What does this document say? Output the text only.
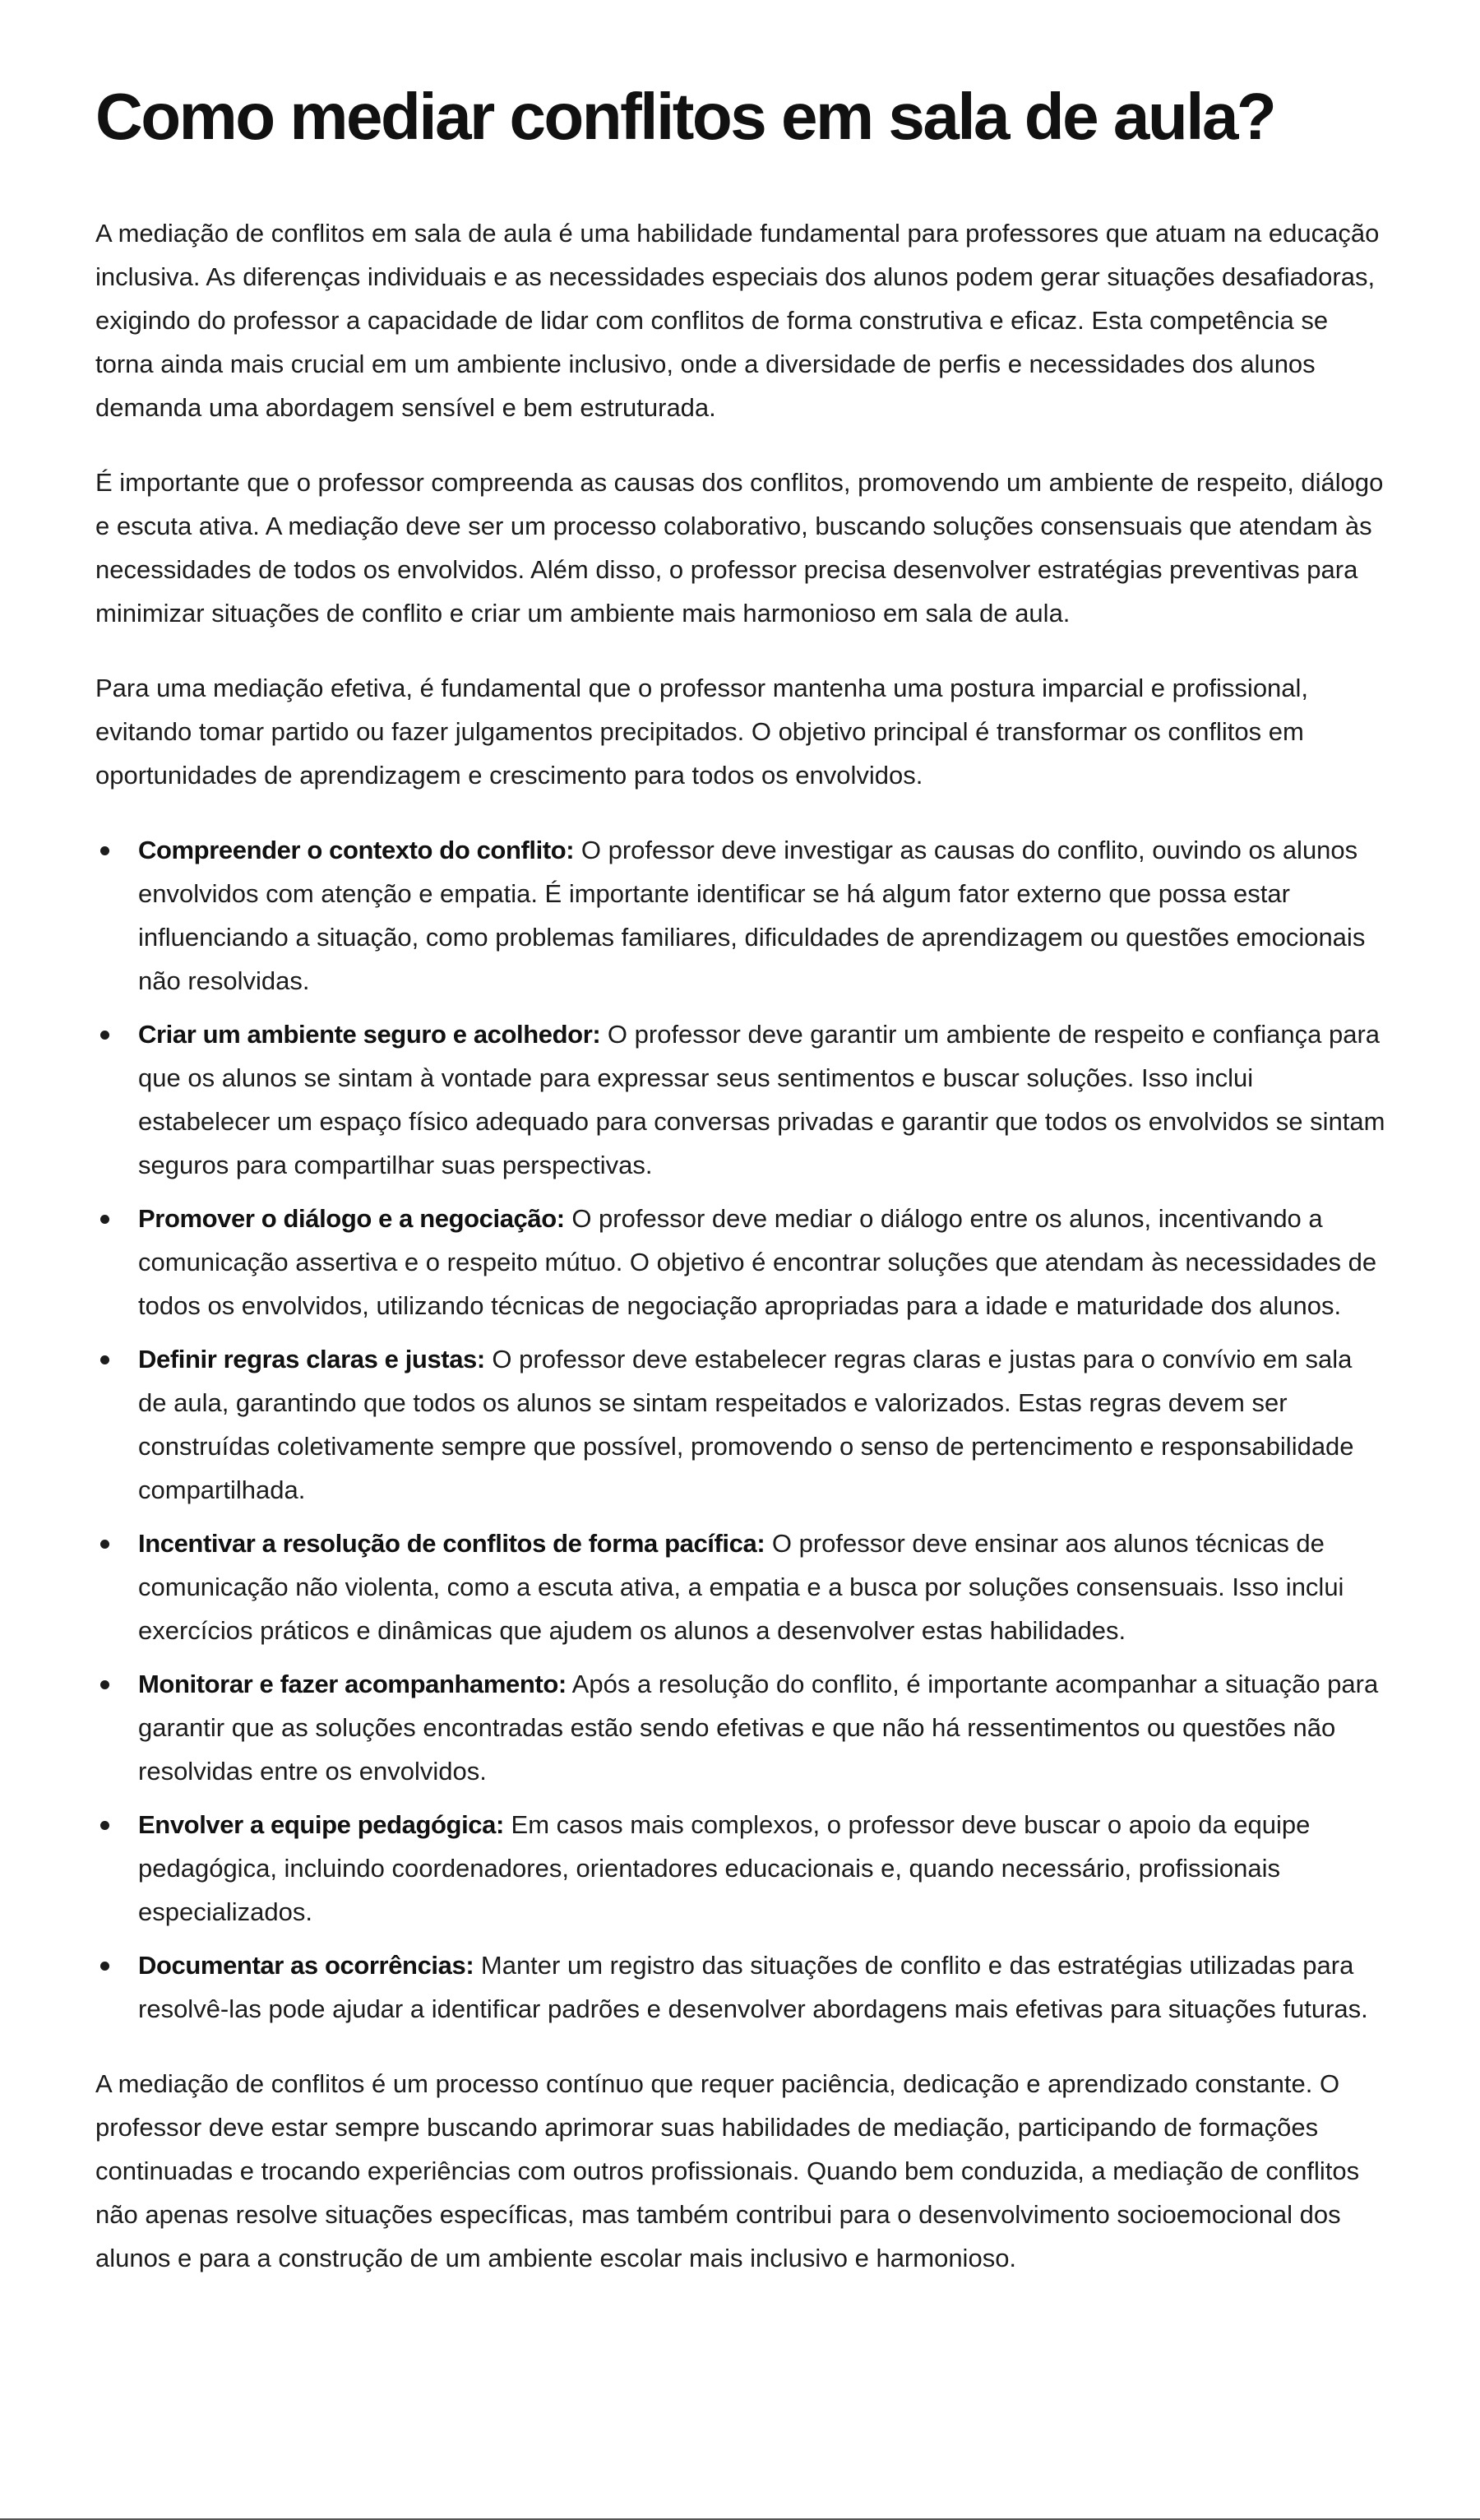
Como mediar conflitos em sala de aula?

A mediação de conflitos em sala de aula é uma habilidade fundamental para professores que atuam na educação inclusiva. As diferenças individuais e as necessidades especiais dos alunos podem gerar situações desafiadoras, exigindo do professor a capacidade de lidar com conflitos de forma construtiva e eficaz. Esta competência se torna ainda mais crucial em um ambiente inclusivo, onde a diversidade de perfis e necessidades dos alunos demanda uma abordagem sensível e bem estruturada.

É importante que o professor compreenda as causas dos conflitos, promovendo um ambiente de respeito, diálogo e escuta ativa. A mediação deve ser um processo colaborativo, buscando soluções consensuais que atendam às necessidades de todos os envolvidos. Além disso, o professor precisa desenvolver estratégias preventivas para minimizar situações de conflito e criar um ambiente mais harmonioso em sala de aula.

Para uma mediação efetiva, é fundamental que o professor mantenha uma postura imparcial e profissional, evitando tomar partido ou fazer julgamentos precipitados. O objetivo principal é transformar os conflitos em oportunidades de aprendizagem e crescimento para todos os envolvidos.

Compreender o contexto do conflito: O professor deve investigar as causas do conflito, ouvindo os alunos envolvidos com atenção e empatia. É importante identificar se há algum fator externo que possa estar influenciando a situação, como problemas familiares, dificuldades de aprendizagem ou questões emocionais não resolvidas.
Criar um ambiente seguro e acolhedor: O professor deve garantir um ambiente de respeito e confiança para que os alunos se sintam à vontade para expressar seus sentimentos e buscar soluções. Isso inclui estabelecer um espaço físico adequado para conversas privadas e garantir que todos os envolvidos se sintam seguros para compartilhar suas perspectivas.
Promover o diálogo e a negociação: O professor deve mediar o diálogo entre os alunos, incentivando a comunicação assertiva e o respeito mútuo. O objetivo é encontrar soluções que atendam às necessidades de todos os envolvidos, utilizando técnicas de negociação apropriadas para a idade e maturidade dos alunos.
Definir regras claras e justas: O professor deve estabelecer regras claras e justas para o convívio em sala de aula, garantindo que todos os alunos se sintam respeitados e valorizados. Estas regras devem ser construídas coletivamente sempre que possível, promovendo o senso de pertencimento e responsabilidade compartilhada.
Incentivar a resolução de conflitos de forma pacífica: O professor deve ensinar aos alunos técnicas de comunicação não violenta, como a escuta ativa, a empatia e a busca por soluções consensuais. Isso inclui exercícios práticos e dinâmicas que ajudem os alunos a desenvolver estas habilidades.
Monitorar e fazer acompanhamento: Após a resolução do conflito, é importante acompanhar a situação para garantir que as soluções encontradas estão sendo efetivas e que não há ressentimentos ou questões não resolvidas entre os envolvidos.
Envolver a equipe pedagógica: Em casos mais complexos, o professor deve buscar o apoio da equipe pedagógica, incluindo coordenadores, orientadores educacionais e, quando necessário, profissionais especializados.
Documentar as ocorrências: Manter um registro das situações de conflito e das estratégias utilizadas para resolvê-las pode ajudar a identificar padrões e desenvolver abordagens mais efetivas para situações futuras.

A mediação de conflitos é um processo contínuo que requer paciência, dedicação e aprendizado constante. O professor deve estar sempre buscando aprimorar suas habilidades de mediação, participando de formações continuadas e trocando experiências com outros profissionais. Quando bem conduzida, a mediação de conflitos não apenas resolve situações específicas, mas também contribui para o desenvolvimento socioemocional dos alunos e para a construção de um ambiente escolar mais inclusivo e harmonioso.
